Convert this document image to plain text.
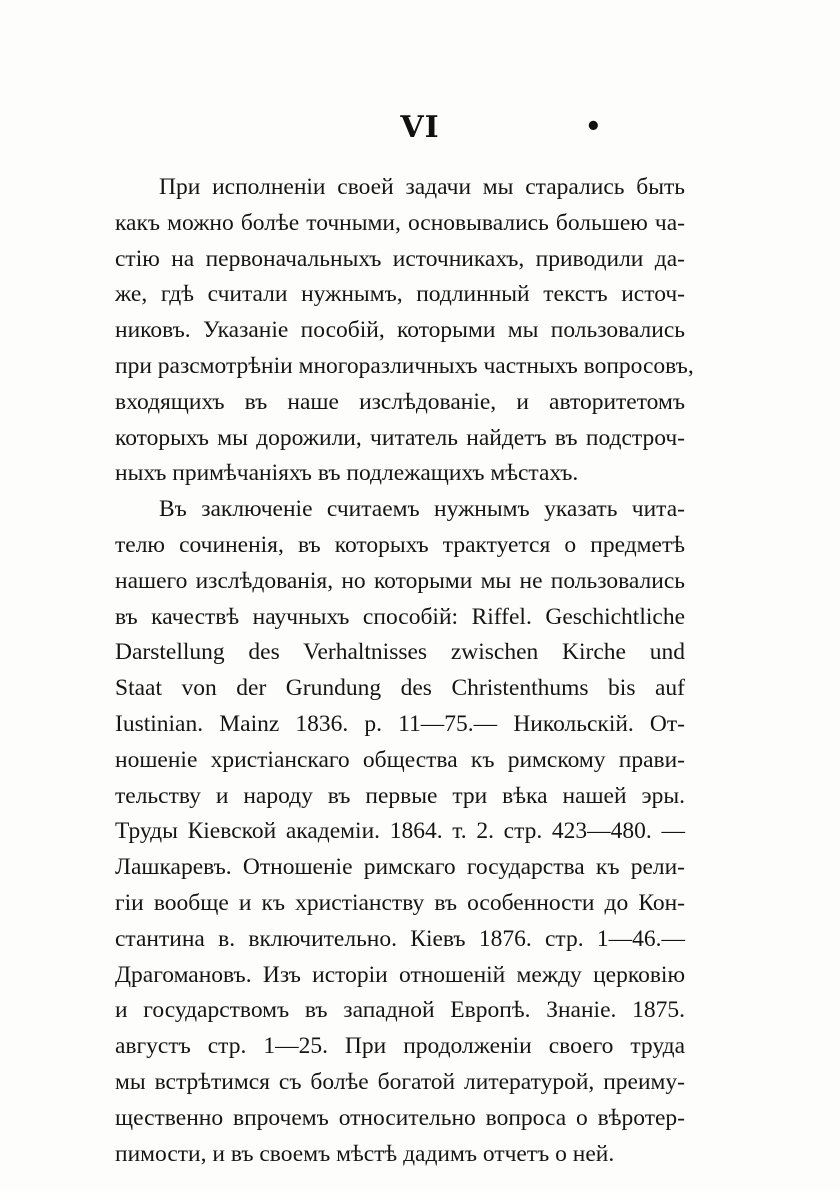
VI	•
При исполненіи своей задачи мы старались быть
какъ можно болѣе точными, основывались большею ча-
стію на первоначальныхъ источникахъ, приводили да-
же, гдѣ считали нужнымъ, подлинный текстъ источ-
никовъ. Указаніе пособій, которыми мы пользовались
при разсмотрѣніи многоразличныхъ частныхъ вопросовъ,
входящихъ въ наше изслѣдованіе, и авторитетомъ
которыхъ мы дорожили, читатель найдетъ въ подстроч-
ныхъ примѣчаніяхъ въ подлежащихъ мѣстахъ.
Въ заключеніе считаемъ нужнымъ указать чита-
телю сочиненія, въ которыхъ трактуется о предметѣ
нашего изслѣдованія, но которыми мы не пользовались
въ качествѣ научныхъ способій: Riffel. Geschichtliche
Darstellung des Verhaltnisses zwischen Kirche und
Staat von der Grundung des Christenthums bis auf
Iustinian. Mainz 1836. p. 11—75.— Никольскій. От-
ношеніе христіанскаго общества къ римскому прави-
тельству и народу въ первые три вѣка нашей эры.
Труды Кіевской академіи. 1864. т. 2. стр. 423—480. —
Лашкаревъ. Отношеніе римскаго государства къ рели-
гіи вообще и къ христіанству въ особенности до Кон-
стантина в. включительно. Кіевъ 1876. стр. 1—46.—
Драгомановъ. Изъ исторіи отношеній между церковію
и государствомъ въ западной Европѣ. Знаніе. 1875.
августъ стр. 1—25. При продолженіи своего труда
мы встрѣтимся съ болѣе богатой литературой, преиму-
щественно впрочемъ относительно вопроса о вѣротер-
пимости, и въ своемъ мѣстѣ дадимъ отчетъ о ней.
